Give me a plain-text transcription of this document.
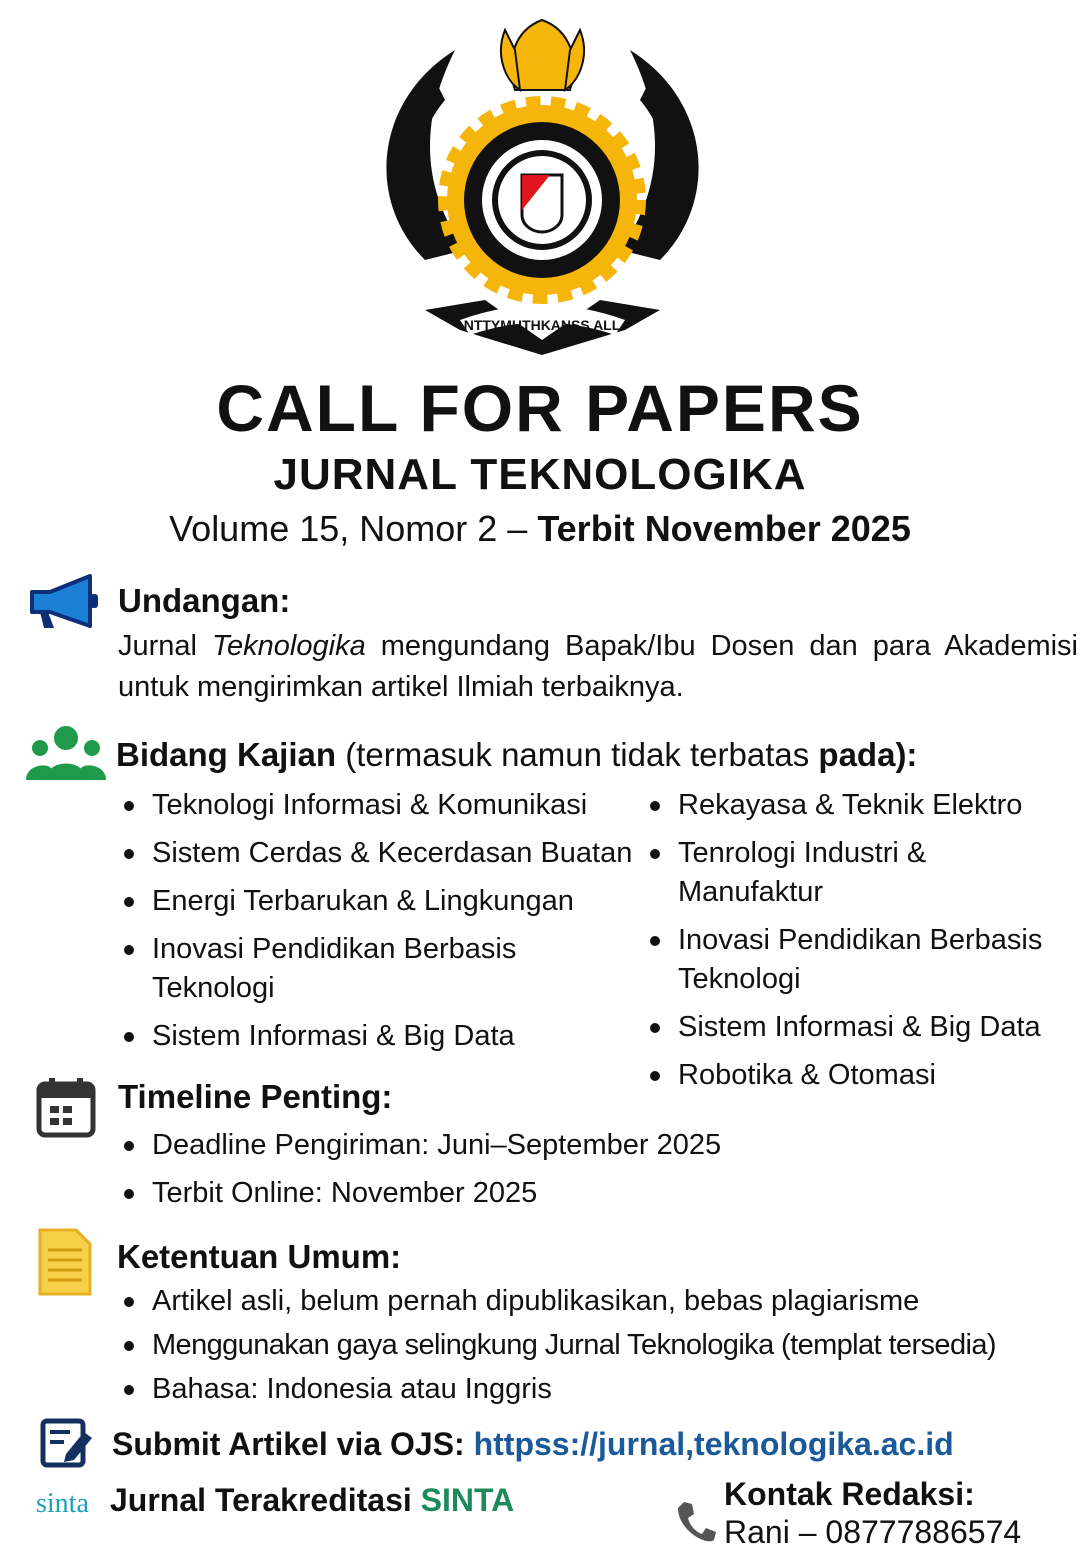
NTTYMHTHKANSS ALL
CALL FOR PAPERS
JURNAL TEKNOLOGIKA
Volume 15, Nomor 2 – Terbit November 2025
Undangan:
Jurnal Teknologika mengundang Bapak/Ibu Dosen dan para Akademisi untuk mengirimkan artikel Ilmiah terbaiknya.
Bidang Kajian (termasuk namun tidak terbatas pada):
Teknologi Informasi & Komunikasi
Sistem Cerdas & Kecerdasan Buatan
Energi Terbarukan & Lingkungan
Inovasi Pendidikan Berbasis Teknologi
Sistem Informasi & Big Data
Rekayasa & Teknik Elektro
Tenrologi Industri & Manufaktur
Inovasi Pendidikan Berbasis Teknologi
Sistem Informasi & Big Data
Robotika & Otomasi
Timeline Penting:
Deadline Pengiriman: Juni–September 2025
Terbit Online: November 2025
Ketentuan Umum:
Artikel asli, belum pernah dipublikasikan, bebas plagiarisme
Menggunakan gaya selingkung Jurnal Teknologika (templat tersedia)
Bahasa: Indonesia atau Inggris
Submit Artikel via OJS: httpss://jurnal,teknologika.ac.id
sinta Jurnal Terakreditasi SINTA	Kontak Redaksi:
Rani – 08777886574
